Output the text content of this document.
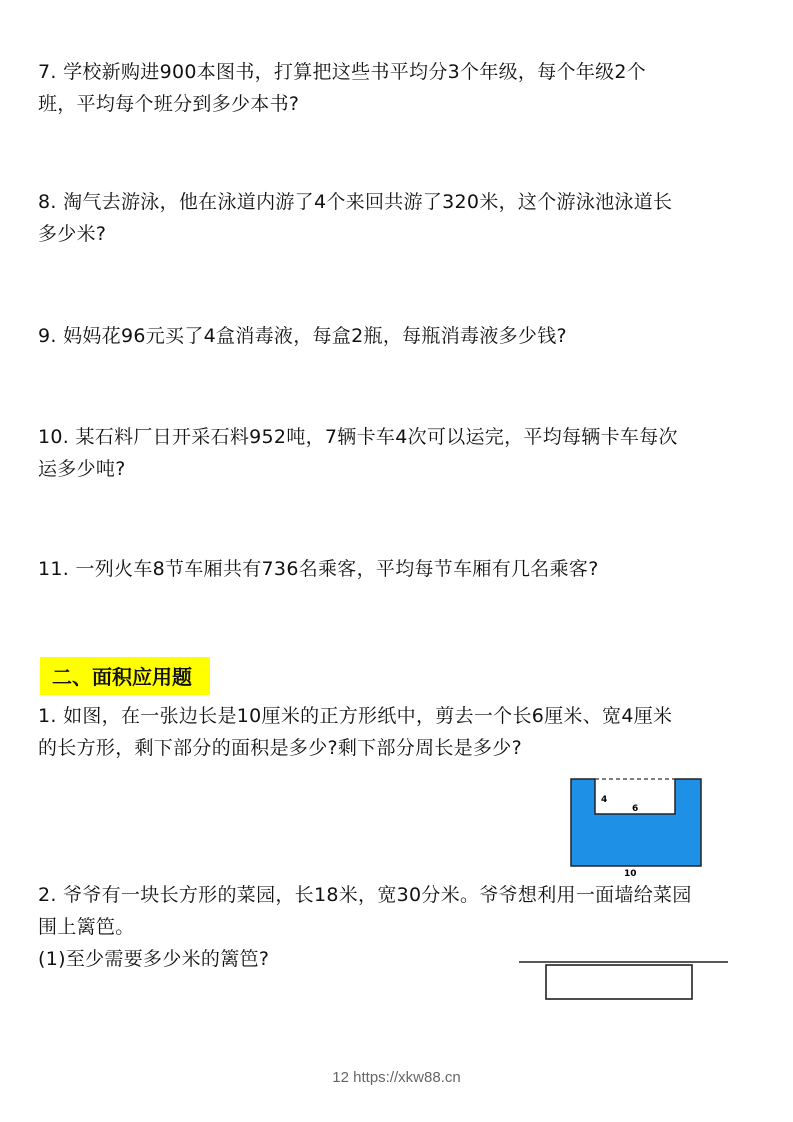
7. 学校新购进900本图书，打算把这些书平均分3个年级，每个年级2个
班，平均每个班分到多少本书?
8. 淘气去游泳，他在泳道内游了4个来回共游了320米，这个游泳池泳道长
多少米?
9. 妈妈花96元买了4盒消毒液，每盒2瓶，每瓶消毒液多少钱?
10. 某石料厂日开采石料952吨，7辆卡车4次可以运完，平均每辆卡车每次
运多少吨?
11. 一列火车8节车厢共有736名乘客，平均每节车厢有几名乘客?
二、面积应用题
1. 如图，在一张边长是10厘米的正方形纸中，剪去一个长6厘米、宽4厘米
的长方形，剩下部分的面积是多少?剩下部分周长是多少?
4
6
10
2. 爷爷有一块长方形的菜园，长18米，宽30分米。爷爷想利用一面墙给菜园
围上篱笆。
(1)至少需要多少米的篱笆?
12 https://xkw88.cn
